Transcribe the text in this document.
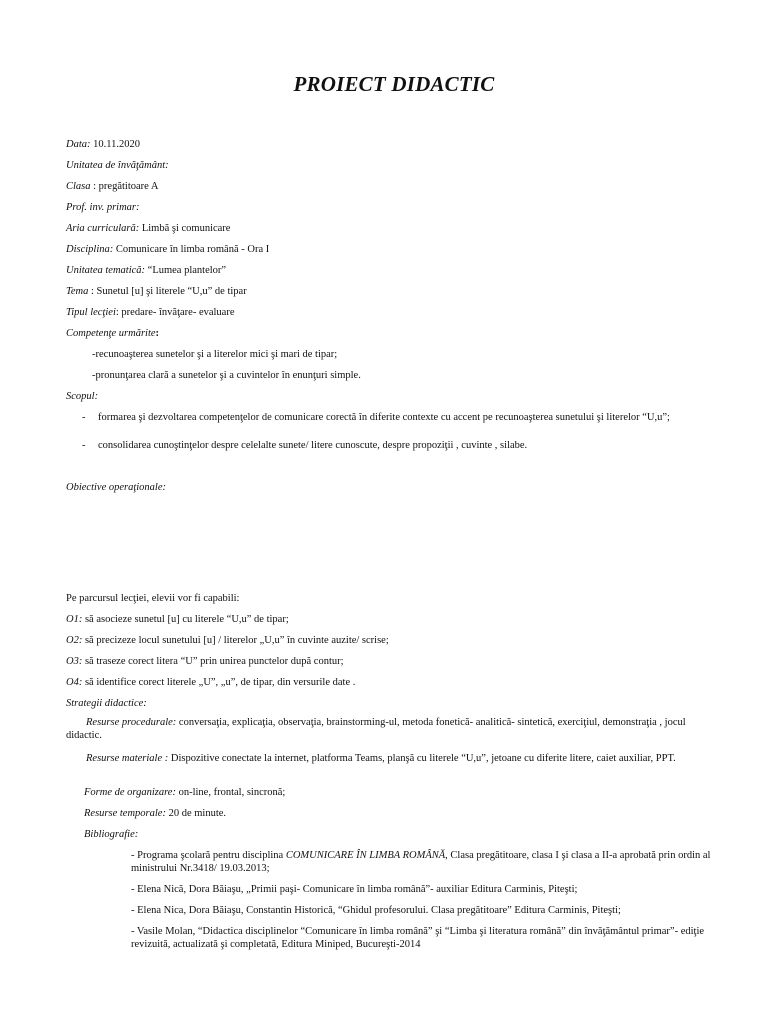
PROIECT DIDACTIC
Data: 10.11.2020
Unitatea de învăţământ:
Clasa : pregătitoare A
Prof. inv. primar:
Aria curriculară: Limbă şi comunicare
Disciplina: Comunicare în limba română - Ora I
Unitatea tematică: “Lumea plantelor”
Tema : Sunetul [u] şi literele “U,u” de tipar
Tipul lecţiei: predare- învăţare- evaluare
Competenţe urmărite:
-recunoaşterea sunetelor şi a literelor mici şi mari de tipar;
-pronunţarea clară a sunetelor şi a cuvintelor în enunţuri simple.
Scopul:
- formarea şi dezvoltarea competenţelor de comunicare corectă în diferite contexte cu accent pe recunoaşterea sunetului şi literelor “U,u”;
- consolidarea cunoştinţelor despre celelalte sunete/ litere cunoscute, despre propoziţii , cuvinte , silabe.
Obiective operaţionale:
Pe parcursul lecţiei, elevii vor fi capabili:
O1: să asocieze sunetul [u] cu literele “U,u” de tipar;
O2: să precizeze locul sunetului [u] / literelor „U,u” în cuvinte auzite/ scrise;
O3: să traseze corect litera “U” prin unirea punctelor după contur;
O4: să identifice corect literele „U”, „u”, de tipar, din versurile date .
Strategii didactice:
Resurse procedurale: conversaţia, explicaţia, observaţia, brainstorming-ul, metoda fonetică- analitică- sintetică, exerciţiul, demonstraţia , jocul didactic.
Resurse materiale : Dispozitive conectate la internet, platforma Teams, planşă cu literele “U,u”, jetoane cu diferite litere, caiet auxiliar, PPT.
Forme de organizare: on-line, frontal, sincronă;
Resurse temporale: 20 de minute.
Bibliografie:
- Programa şcolară pentru disciplina COMUNICARE ÎN LIMBA ROMÂNĂ, Clasa pregătitoare, clasa I şi clasa a II-a aprobată prin ordin al ministrului Nr.3418/ 19.03.2013;
- Elena Nică, Dora Băiaşu, „Primii paşi- Comunicare în limba română”- auxiliar Editura Carminis, Piteşti;
- Elena Nica, Dora Băiaşu, Constantin Historică, “Ghidul profesorului. Clasa pregătitoare” Editura Carminis, Piteşti;
- Vasile Molan, “Didactica disciplinelor “Comunicare în limba română” şi “Limba şi literatura română” din învăţământul primar”- ediţie revizuită, actualizată şi completată, Editura Miniped, Bucureşti-2014
